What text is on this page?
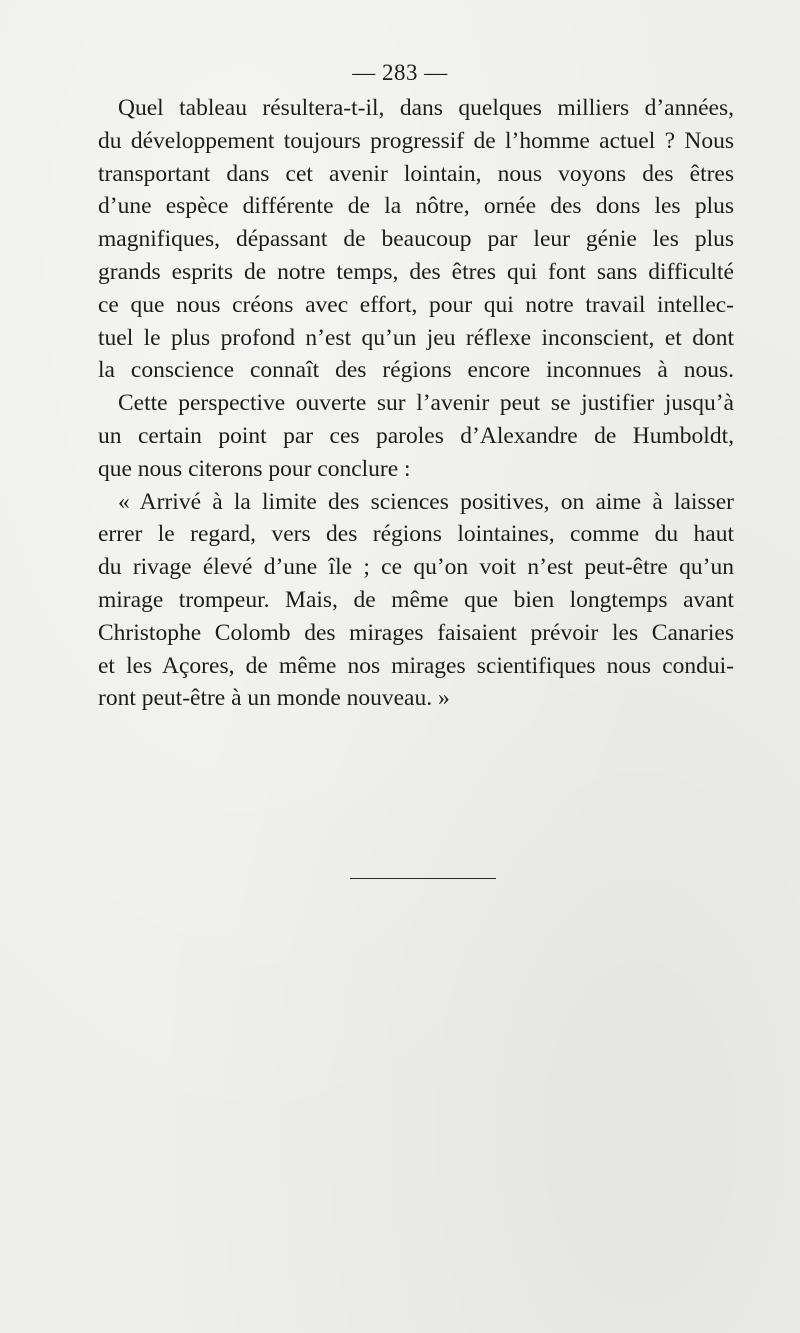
— 283 —

Quel tableau résultera-t-il, dans quelques milliers d’années,
du développement toujours progressif de l’homme actuel ? Nous
transportant dans cet avenir lointain, nous voyons des êtres
d’une espèce différente de la nôtre, ornée des dons les plus
magnifiques, dépassant de beaucoup par leur génie les plus
grands esprits de notre temps, des êtres qui font sans difficulté
ce que nous créons avec effort, pour qui notre travail intellec-
tuel le plus profond n’est qu’un jeu réflexe inconscient, et dont
la conscience connaît des régions encore inconnues à nous.

Cette perspective ouverte sur l’avenir peut se justifier jusqu’à
un certain point par ces paroles d’Alexandre de Humboldt,
que nous citerons pour conclure :

« Arrivé à la limite des sciences positives, on aime à laisser
errer le regard, vers des régions lointaines, comme du haut
du rivage élevé d’une île ; ce qu’on voit n’est peut-être qu’un
mirage trompeur. Mais, de même que bien longtemps avant
Christophe Colomb des mirages faisaient prévoir les Canaries
et les Açores, de même nos mirages scientifiques nous condui-
ront peut-être à un monde nouveau. »
